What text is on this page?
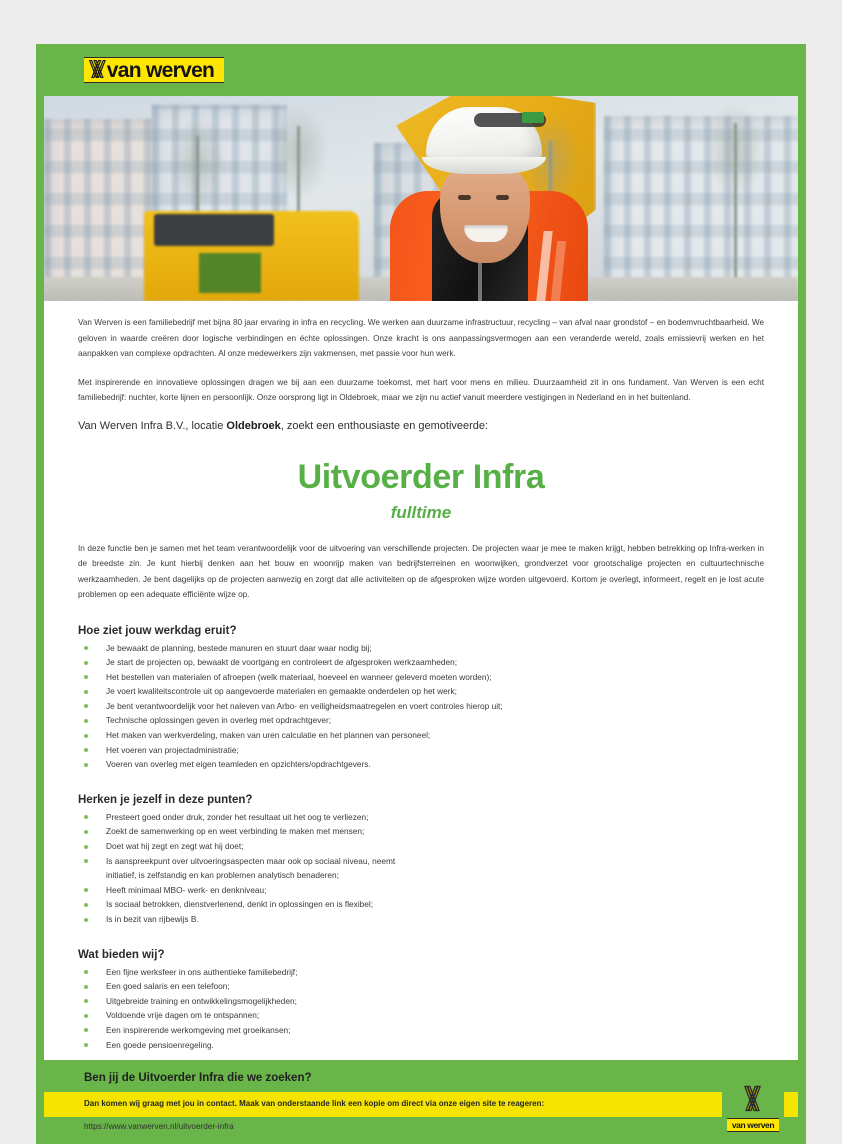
\/\/ van werven

Van Werven is een familiebedrijf met bijna 80 jaar ervaring in infra en recycling. We werken aan duurzame infrastructuur, recycling – van afval naar grondstof – en bodemvruchtbaarheid. We geloven in waarde creëren door logische verbindingen en échte oplossingen. Onze kracht is ons aanpassingsvermogen aan een veranderde wereld, zoals emissievrij werken en het aanpakken van complexe opdrachten. Al onze medewerkers zijn vakmensen, met passie voor hun werk.

Met inspirerende en innovatieve oplossingen dragen we bij aan een duurzame toekomst, met hart voor mens en milieu. Duurzaamheid zit in ons fundament. Van Werven is een echt familiebedrijf: nuchter, korte lijnen en persoonlijk. Onze oorsprong ligt in Oldebroek, maar we zijn nu actief vanuit meerdere vestigingen in Nederland en in het buitenland.

Van Werven Infra B.V., locatie Oldebroek, zoekt een enthousiaste en gemotiveerde:

Uitvoerder Infra
fulltime

In deze functie ben je samen met het team verantwoordelijk voor de uitvoering van verschillende projecten. De projecten waar je mee te maken krijgt, hebben betrekking op Infra-werken in de breedste zin. Je kunt hierbij denken aan het bouw en woonrijp maken van bedrijfsterreinen en woonwijken, grondverzet voor grootschalige projecten en cultuurtechnische werkzaamheden. Je bent dagelijks op de projecten aanwezig en zorgt dat alle activiteiten op de afgesproken wijze worden uitgevoerd. Kortom je overlegt, informeert, regelt en je lost acute problemen op een adequate efficiënte wijze op.

Hoe ziet jouw werkdag eruit?
Je bewaakt de planning, bestede manuren en stuurt daar waar nodig bij;
Je start de projecten op, bewaakt de voortgang en controleert de afgesproken werkzaamheden;
Het bestellen van materialen of afroepen (welk materiaal, hoeveel en wanneer geleverd moeten worden);
Je voert kwaliteitscontrole uit op aangevoerde materialen en gemaakte onderdelen op het werk;
Je bent verantwoordelijk voor het naleven van Arbo- en veiligheidsmaatregelen en voert controles hierop uit;
Technische oplossingen geven in overleg met opdrachtgever;
Het maken van werkverdeling, maken van uren calculatie en het plannen van personeel;
Het voeren van projectadministratie;
Voeren van overleg met eigen teamleden en opzichters/opdrachtgevers.
Herken je jezelf in deze punten?
Presteert goed onder druk, zonder het resultaat uit het oog te verliezen;
Zoekt de samenwerking op en weet verbinding te maken met mensen;
Doet wat hij zegt en zegt wat hij doet;
Is aanspreekpunt over uitvoeringsaspecten maar ook op sociaal niveau, neemt
initiatief, is zelfstandig en kan problemen analytisch benaderen;
Heeft minimaal MBO- werk- en denkniveau;
Is sociaal betrokken, dienstverlenend, denkt in oplossingen en is flexibel;
Is in bezit van rijbewijs B.
Wat bieden wij?
Een fijne werksfeer in ons authentieke familiebedrijf;
Een goed salaris en een telefoon;
Uitgebreide training en ontwikkelingsmogelijkheden;
Voldoende vrije dagen om te ontspannen;
Een inspirerende werkomgeving met groeikansen;
Een goede pensioenregeling.
Ben jij de Uitvoerder Infra die we zoeken?
Dan komen wij graag met jou in contact. Maak van onderstaande link een kopie om direct via onze eigen site te reageren:
https://www.vanwerven.nl/uitvoerder-infra
\/\/
van werven
